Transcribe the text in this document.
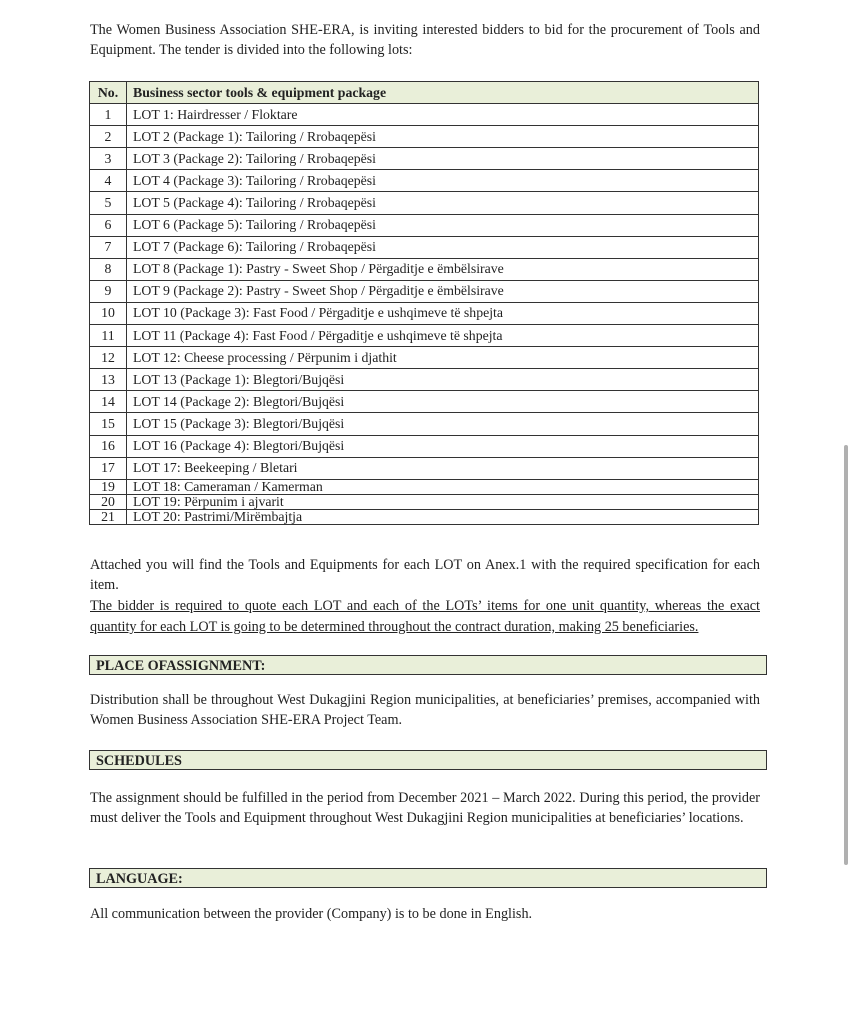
The Women Business Association SHE-ERA, is inviting interested bidders to bid for the procurement of Tools and Equipment. The tender is divided into the following lots:

No.	Business sector tools & equipment package
1	LOT 1: Hairdresser / Floktare
2	LOT 2 (Package 1): Tailoring / Rrobaqepësi
3	LOT 3 (Package 2): Tailoring / Rrobaqepësi
4	LOT 4 (Package 3): Tailoring / Rrobaqepësi
5	LOT 5 (Package 4): Tailoring / Rrobaqepësi
6	LOT 6 (Package 5): Tailoring / Rrobaqepësi
7	LOT 7 (Package 6): Tailoring / Rrobaqepësi
8	LOT 8 (Package 1): Pastry - Sweet Shop / Përgaditje e ëmbëlsirave
9	LOT 9 (Package 2): Pastry - Sweet Shop / Përgaditje e ëmbëlsirave
10	LOT 10 (Package 3): Fast Food / Përgaditje e ushqimeve të shpejta
11	LOT 11 (Package 4): Fast Food / Përgaditje e ushqimeve të shpejta
12	LOT 12: Cheese processing / Përpunim i djathit
13	LOT 13 (Package 1): Blegtori/Bujqësi
14	LOT 14 (Package 2): Blegtori/Bujqësi
15	LOT 15 (Package 3): Blegtori/Bujqësi
16	LOT 16 (Package 4): Blegtori/Bujqësi
17	LOT 17: Beekeeping / Bletari
19	LOT 18: Cameraman / Kamerman
20	LOT 19: Përpunim i ajvarit
21	LOT 20: Pastrimi/Mirëmbajtja

Attached you will find the Tools and Equipments for each LOT on Anex.1 with the required specification for each item.

The bidder is required to quote each LOT and each of the LOTs’ items for one unit quantity, whereas the exact quantity for each LOT is going to be determined throughout the contract duration, making 25 beneficiaries.

PLACE OFASSIGNMENT:

Distribution shall be throughout West Dukagjini Region municipalities, at beneficiaries’ premises, accompanied with Women Business Association SHE-ERA Project Team.

SCHEDULES

The assignment should be fulfilled in the period from December 2021 – March 2022. During this period, the provider must deliver the Tools and Equipment throughout West Dukagjini Region municipalities at beneficiaries’ locations.

LANGUAGE:

All communication between the provider (Company) is to be done in English.
